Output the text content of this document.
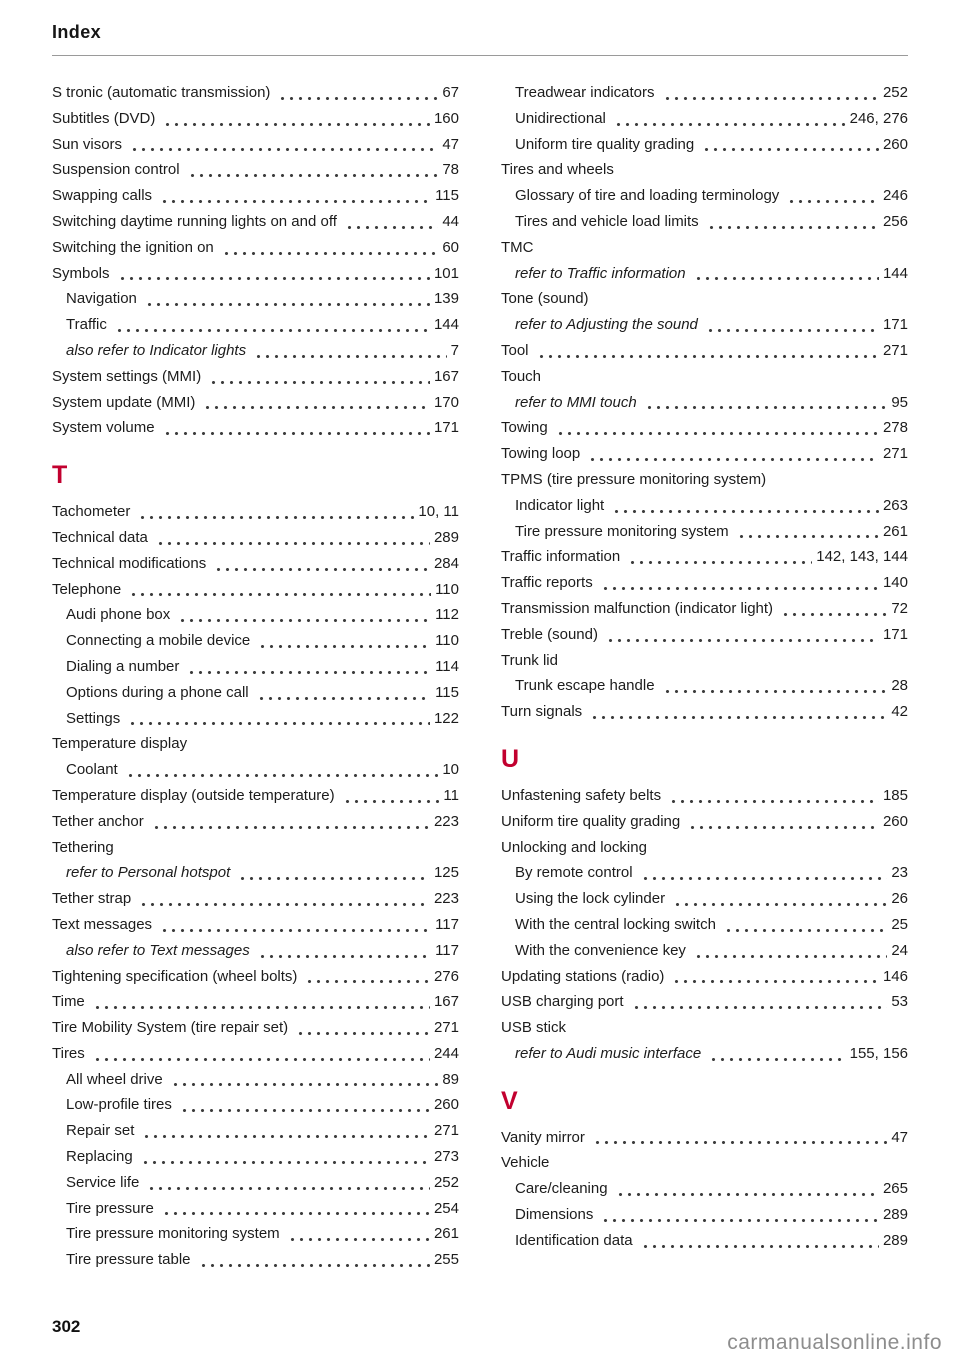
Index
S tronic (automatic transmission)	67
Subtitles (DVD)	160
Sun visors	47
Suspension control	78
Swapping calls	115
Switching daytime running lights on and off	44
Switching the ignition on	60
Symbols	101
Navigation	139
Traffic	144
also refer to Indicator lights	7
System settings (MMI)	167
System update (MMI)	170
System volume	171
T
Tachometer	10, 11
Technical data	289
Technical modifications	284
Telephone	110
Audi phone box	112
Connecting a mobile device	110
Dialing a number	114
Options during a phone call	115
Settings	122
Temperature display
Coolant	10
Temperature display (outside temperature)	11
Tether anchor	223
Tethering
refer to Personal hotspot	125
Tether strap	223
Text messages	117
also refer to Text messages	117
Tightening specification (wheel bolts)	276
Time	167
Tire Mobility System (tire repair set)	271
Tires	244
All wheel drive	89
Low-profile tires	260
Repair set	271
Replacing	273
Service life	252
Tire pressure	254
Tire pressure monitoring system	261
Tire pressure table	255
Treadwear indicators	252
Unidirectional	246, 276
Uniform tire quality grading	260
Tires and wheels
Glossary of tire and loading terminology	246
Tires and vehicle load limits	256
TMC
refer to Traffic information	144
Tone (sound)
refer to Adjusting the sound	171
Tool	271
Touch
refer to MMI touch	95
Towing	278
Towing loop	271
TPMS (tire pressure monitoring system)
Indicator light	263
Tire pressure monitoring system	261
Traffic information	142, 143, 144
Traffic reports	140
Transmission malfunction (indicator light)	72
Treble (sound)	171
Trunk lid
Trunk escape handle	28
Turn signals	42
U
Unfastening safety belts	185
Uniform tire quality grading	260
Unlocking and locking
By remote control	23
Using the lock cylinder	26
With the central locking switch	25
With the convenience key	24
Updating stations (radio)	146
USB charging port	53
USB stick
refer to Audi music interface	155, 156
V
Vanity mirror	47
Vehicle
Care/cleaning	265
Dimensions	289
Identification data	289
302
carmanualsonline.info
